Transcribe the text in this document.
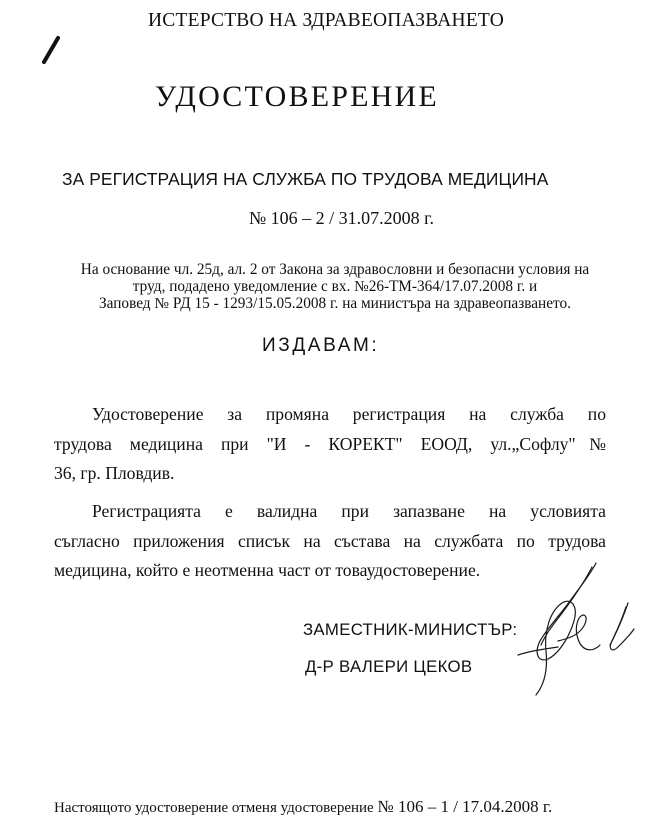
ИСТЕРСТВО НА ЗДРАВЕОПАЗВАНЕТО
УДОСТОВЕРЕНИЕ
ЗА РЕГИСТРАЦИЯ НА СЛУЖБА ПО ТРУДОВА МЕДИЦИНА
№ 106 – 2 / 31.07.2008 г.
На основание чл. 25д, ал. 2 от Закона за здравословни и безопасни условия на
труд, подадено уведомление с вх. №26-ТМ-364/17.07.2008 г. и
Заповед № РД 15 - 1293/15.05.2008 г. на министъра на здравеопазването.
ИЗДАВАМ:
Удостоверение за промяна регистрация на служба по
трудова медицина при "И - КОРЕКТ" ЕООД, ул.„Софлу"№
36, гр. Пловдив.
Регистрацията е валидна при запазване на условията
съгласно приложения списък на състава на службата по трудова
медицина, който е неотменна част от товаудостоверение.
ЗАМЕСТНИК-МИНИСТЪР:
Д-Р ВАЛЕРИ ЦЕКОВ
Настоящото удостоверение отменя удостоверение № 106 – 1 / 17.04.2008 г.
